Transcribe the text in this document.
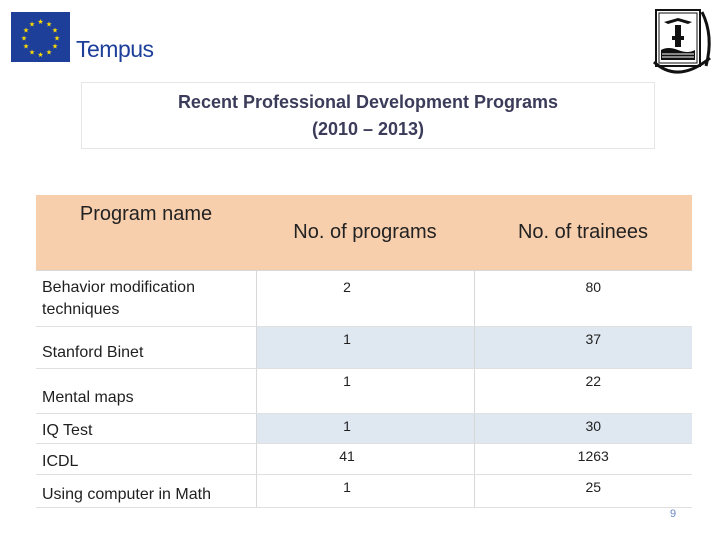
★ ★
★
★
★
★
★
★
★
★
★
★
Tempus
Recent Professional Development Programs
(2010 – 2013)
Program name	No. of programs	No. of trainees
Behavior modification techniques	2	80
Stanford Binet	1	37
Mental maps	1	22
IQ Test	1	30
ICDL	41	1263
Using computer in Math	1	25
9
